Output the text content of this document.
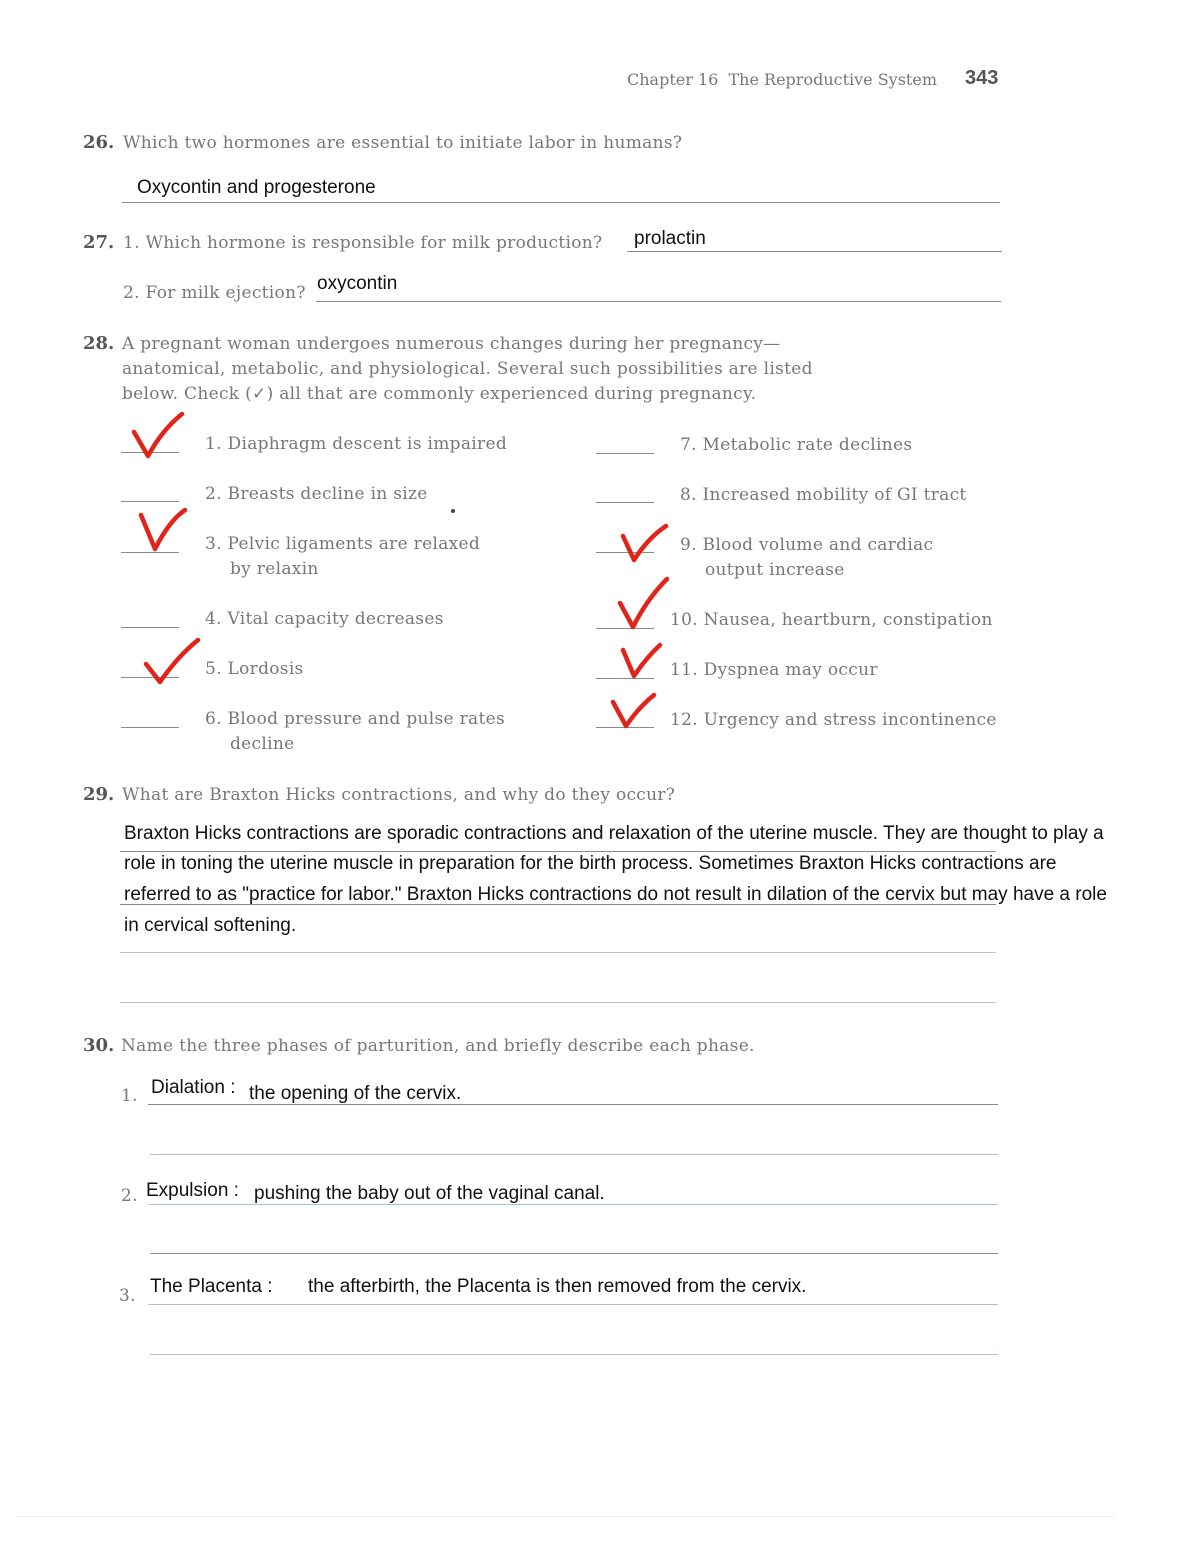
Chapter 16 The Reproductive System 343
26. Which two hormones are essential to initiate labor in humans?
Oxycontin and progesterone
27. 1. Which hormone is responsible for milk production? prolactin
2. For milk ejection? oxycontin
28. A pregnant woman undergoes numerous changes during her pregnancy—
anatomical, metabolic, and physiological. Several such possibilities are listed
below. Check (✓) all that are commonly experienced during pregnancy.
1. Diaphragm descent is impaired
2. Breasts decline in size
3. Pelvic ligaments are relaxed
by relaxin
4. Vital capacity decreases
5. Lordosis
6. Blood pressure and pulse rates
decline
7. Metabolic rate declines
8. Increased mobility of GI tract
9. Blood volume and cardiac
output increase
10. Nausea, heartburn, constipation
11. Dyspnea may occur
12. Urgency and stress incontinence
29. What are Braxton Hicks contractions, and why do they occur?
Braxton Hicks contractions are sporadic contractions and relaxation of the uterine muscle. They are thought to play a
role in toning the uterine muscle in preparation for the birth process. Sometimes Braxton Hicks contractions are
referred to as "practice for labor." Braxton Hicks contractions do not result in dilation of the cervix but may have a role
in cervical softening.
30. Name the three phases of parturition, and briefly describe each phase.
1. Dialation : the opening of the cervix.
2. Expulsion : pushing the baby out of the vaginal canal.
3. The Placenta : the afterbirth, the Placenta is then removed from the cervix.
